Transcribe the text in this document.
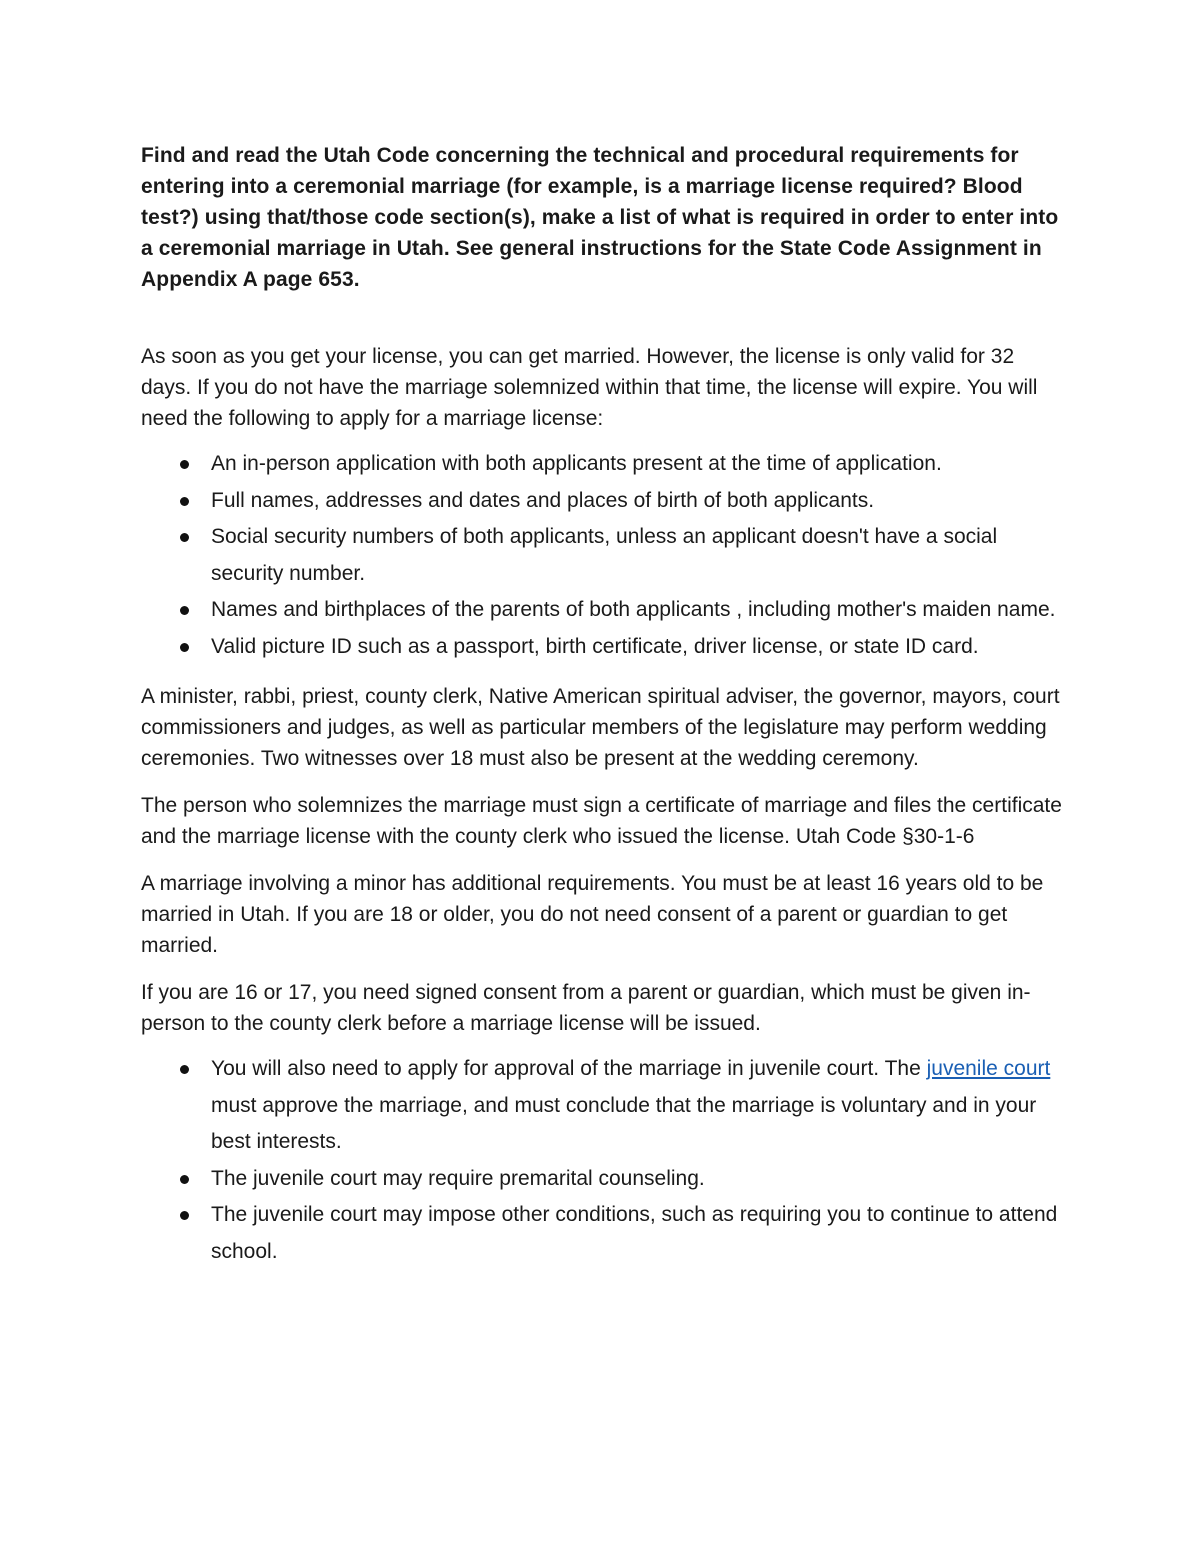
Find and read the Utah Code concerning the technical and procedural requirements for entering into a ceremonial marriage (for example, is a marriage license required? Blood test?) using that/those code section(s), make a list of what is required in order to enter into a ceremonial marriage in Utah. See general instructions for the State Code Assignment in Appendix A page 653.

As soon as you get your license, you can get married. However, the license is only valid for 32 days. If you do not have the marriage solemnized within that time, the license will expire. You will need the following to apply for a marriage license:

An in-person application with both applicants present at the time of application.
Full names, addresses and dates and places of birth of both applicants.
Social security numbers of both applicants, unless an applicant doesn't have a social security number.
Names and birthplaces of the parents of both applicants , including mother's maiden name.
Valid picture ID such as a passport, birth certificate, driver license, or state ID card.

A minister, rabbi, priest, county clerk, Native American spiritual adviser, the governor, mayors, court commissioners and judges, as well as particular members of the legislature may perform wedding ceremonies. Two witnesses over 18 must also be present at the wedding ceremony.

The person who solemnizes the marriage must sign a certificate of marriage and files the certificate and the marriage license with the county clerk who issued the license. Utah Code §30-1-6

A marriage involving a minor has additional requirements. You must be at least 16 years old to be married in Utah. If you are 18 or older, you do not need consent of a parent or guardian to get married.

If you are 16 or 17, you need signed consent from a parent or guardian, which must be given in-person to the county clerk before a marriage license will be issued.

You will also need to apply for approval of the marriage in juvenile court. The juvenile court must approve the marriage, and must conclude that the marriage is voluntary and in your best interests.
The juvenile court may require premarital counseling.
The juvenile court may impose other conditions, such as requiring you to continue to attend school.
